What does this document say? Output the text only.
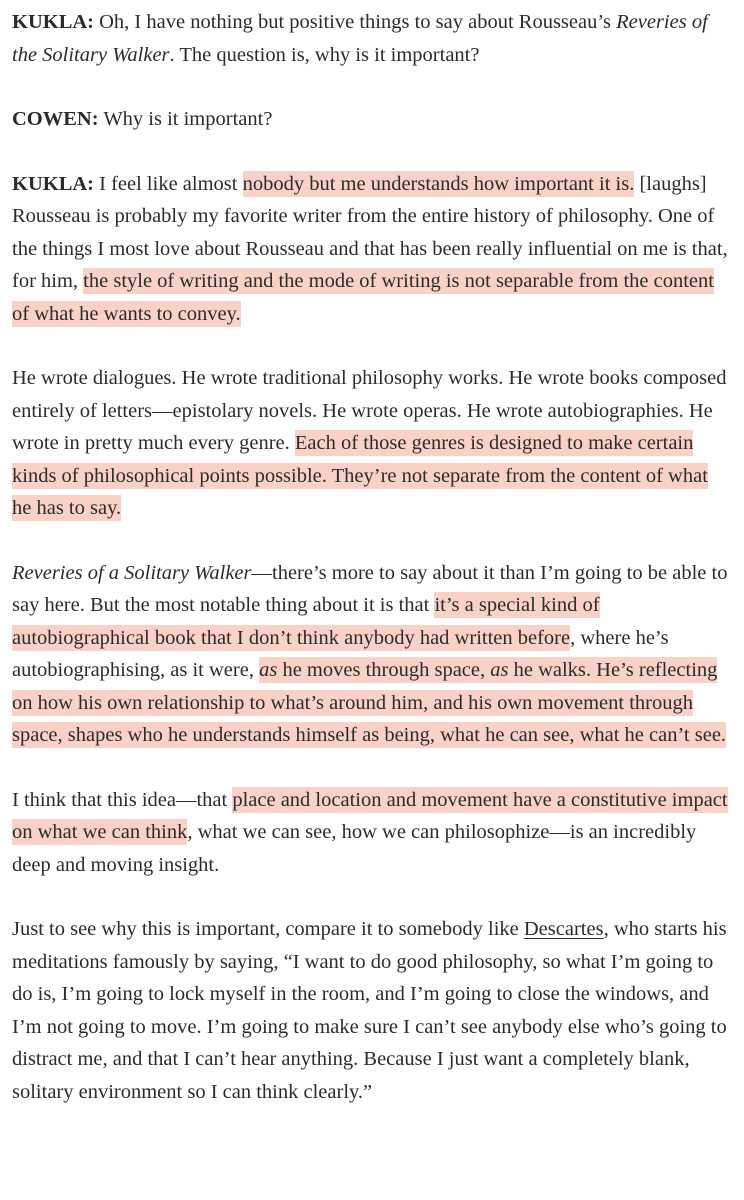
KUKLA: Oh, I have nothing but positive things to say about Rousseau’s Reveries of the Solitary Walker. The question is, why is it important?

COWEN: Why is it important?

KUKLA: I feel like almost nobody but me understands how important it is. [laughs] Rousseau is probably my favorite writer from the entire history of philosophy. One of the things I most love about Rousseau and that has been really influential on me is that, for him, the style of writing and the mode of writing is not separable from the content of what he wants to convey.

He wrote dialogues. He wrote traditional philosophy works. He wrote books composed entirely of letters—epistolary novels. He wrote operas. He wrote autobiographies. He wrote in pretty much every genre. Each of those genres is designed to make certain kinds of philosophical points possible. They’re not separate from the content of what he has to say.

Reveries of a Solitary Walker—there’s more to say about it than I’m going to be able to say here. But the most notable thing about it is that it’s a special kind of autobiographical book that I don’t think anybody had written before, where he’s autobiographising, as it were, as he moves through space, as he walks. He’s reflecting on how his own relationship to what’s around him, and his own movement through space, shapes who he understands himself as being, what he can see, what he can’t see.

I think that this idea—that place and location and movement have a constitutive impact on what we can think, what we can see, how we can philosophize—is an incredibly deep and moving insight.

Just to see why this is important, compare it to somebody like Descartes, who starts his meditations famously by saying, “I want to do good philosophy, so what I’m going to do is, I’m going to lock myself in the room, and I’m going to close the windows, and I’m not going to move. I’m going to make sure I can’t see anybody else who’s going to distract me, and that I can’t hear anything. Because I just want a completely blank, solitary environment so I can think clearly.”
